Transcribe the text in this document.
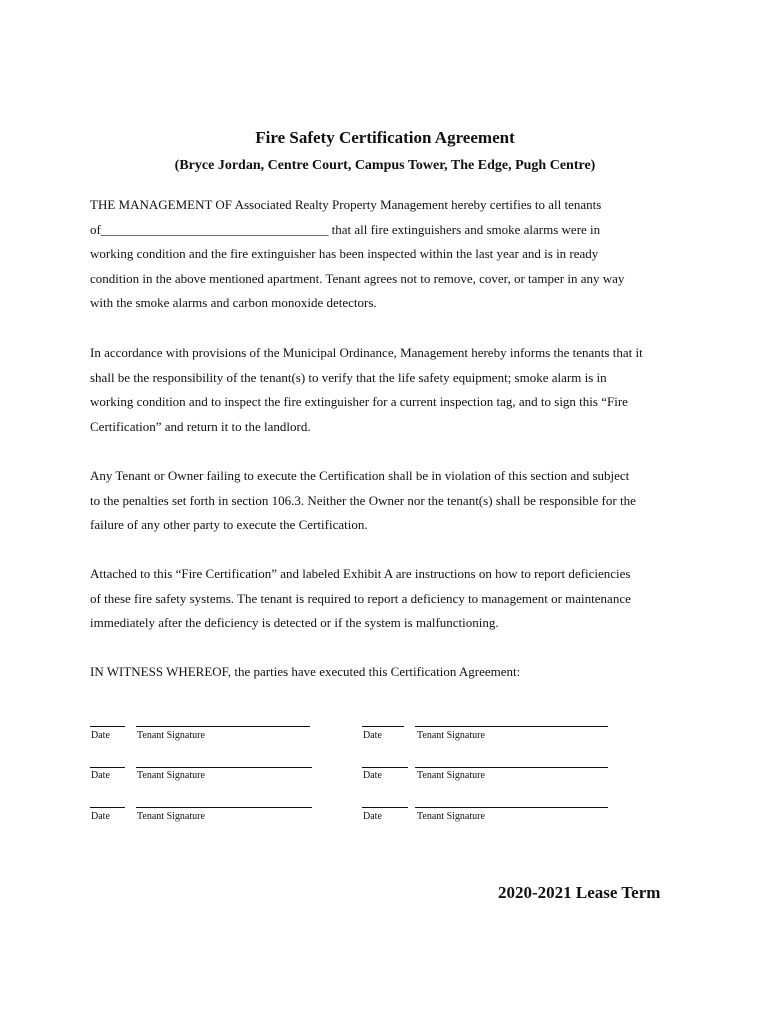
Fire Safety Certification Agreement
(Bryce Jordan, Centre Court, Campus Tower, The Edge, Pugh Centre)

THE MANAGEMENT OF Associated Realty Property Management hereby certifies to all tenants
of___________________________________ that all fire extinguishers and smoke alarms were in
working condition and the fire extinguisher has been inspected within the last year and is in ready
condition in the above mentioned apartment. Tenant agrees not to remove, cover, or tamper in any way
with the smoke alarms and carbon monoxide detectors.

In accordance with provisions of the Municipal Ordinance, Management hereby informs the tenants that it
shall be the responsibility of the tenant(s) to verify that the life safety equipment; smoke alarm is in
working condition and to inspect the fire extinguisher for a current inspection tag, and to sign this “Fire
Certification” and return it to the landlord.

Any Tenant or Owner failing to execute the Certification shall be in violation of this section and subject
to the penalties set forth in section 106.3. Neither the Owner nor the tenant(s) shall be responsible for the
failure of any other party to execute the Certification.

Attached to this “Fire Certification” and labeled Exhibit A are instructions on how to report deficiencies
of these fire safety systems. The tenant is required to report a deficiency to management or maintenance
immediately after the deficiency is detected or if the system is malfunctioning.

IN WITNESS WHEREOF, the parties have executed this Certification Agreement:

Date	Tenant Signature	Date	Tenant Signature
Date	Tenant Signature	Date	Tenant Signature
Date	Tenant Signature	Date	Tenant Signature
2020-2021 Lease Term
